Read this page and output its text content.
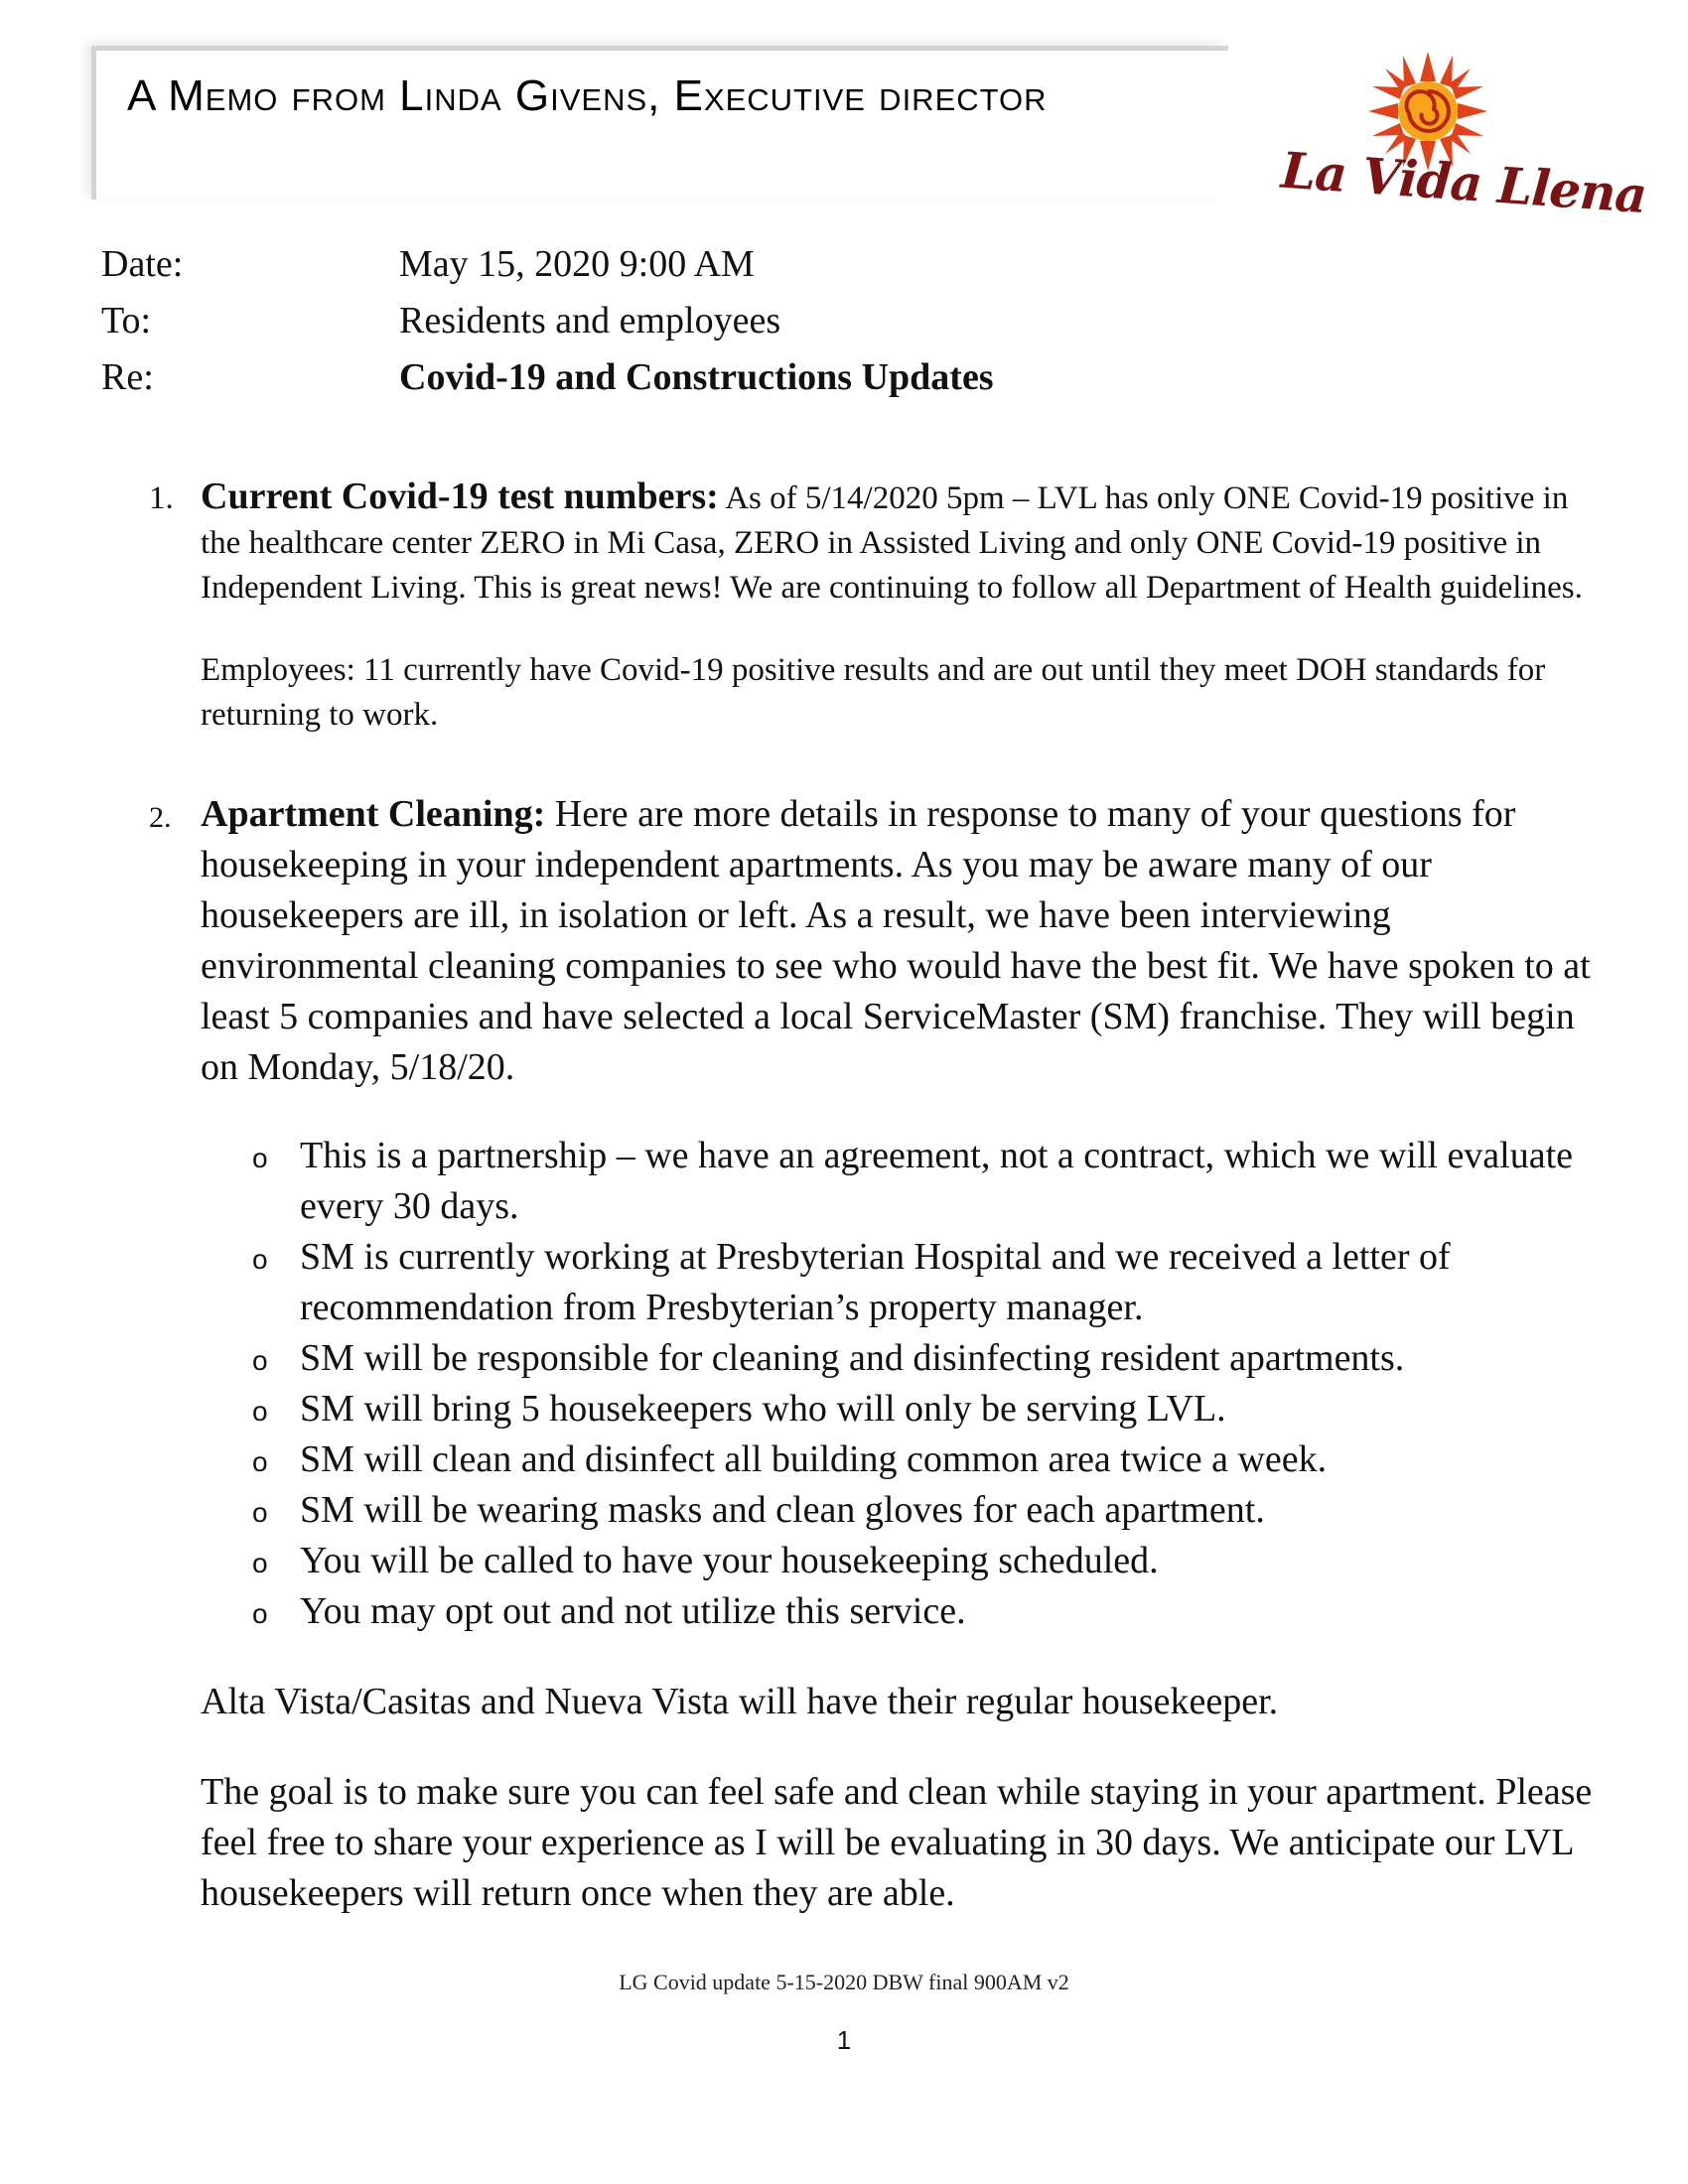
A Memo from Linda Givens, Executive director
La Vida Llena
Date:	May 15, 2020 9:00 AM
To:	Residents and employees
Re:	Covid-19 and Constructions Updates
1. Current Covid-19 test numbers: As of 5/14/2020 5pm – LVL has only ONE Covid-19 positive in the healthcare center ZERO in Mi Casa, ZERO in Assisted Living and only ONE Covid-19 positive in Independent Living. This is great news! We are continuing to follow all Department of Health guidelines.

Employees: 11 currently have Covid-19 positive results and are out until they meet DOH standards for returning to work.

2. Apartment Cleaning: Here are more details in response to many of your questions for housekeeping in your independent apartments. As you may be aware many of our housekeepers are ill, in isolation or left. As a result, we have been interviewing environmental cleaning companies to see who would have the best fit. We have spoken to at least 5 companies and have selected a local ServiceMaster (SM) franchise. They will begin on Monday, 5/18/20.

o This is a partnership – we have an agreement, not a contract, which we will evaluate every 30 days.
o SM is currently working at Presbyterian Hospital and we received a letter of recommendation from Presbyterian’s property manager.
o SM will be responsible for cleaning and disinfecting resident apartments.
o SM will bring 5 housekeepers who will only be serving LVL.
o SM will clean and disinfect all building common area twice a week.
o SM will be wearing masks and clean gloves for each apartment.
o You will be called to have your housekeeping scheduled.
o You may opt out and not utilize this service.

Alta Vista/Casitas and Nueva Vista will have their regular housekeeper.

The goal is to make sure you can feel safe and clean while staying in your apartment. Please feel free to share your experience as I will be evaluating in 30 days. We anticipate our LVL housekeepers will return once when they are able.

LG Covid update 5-15-2020 DBW final 900AM v2
1
